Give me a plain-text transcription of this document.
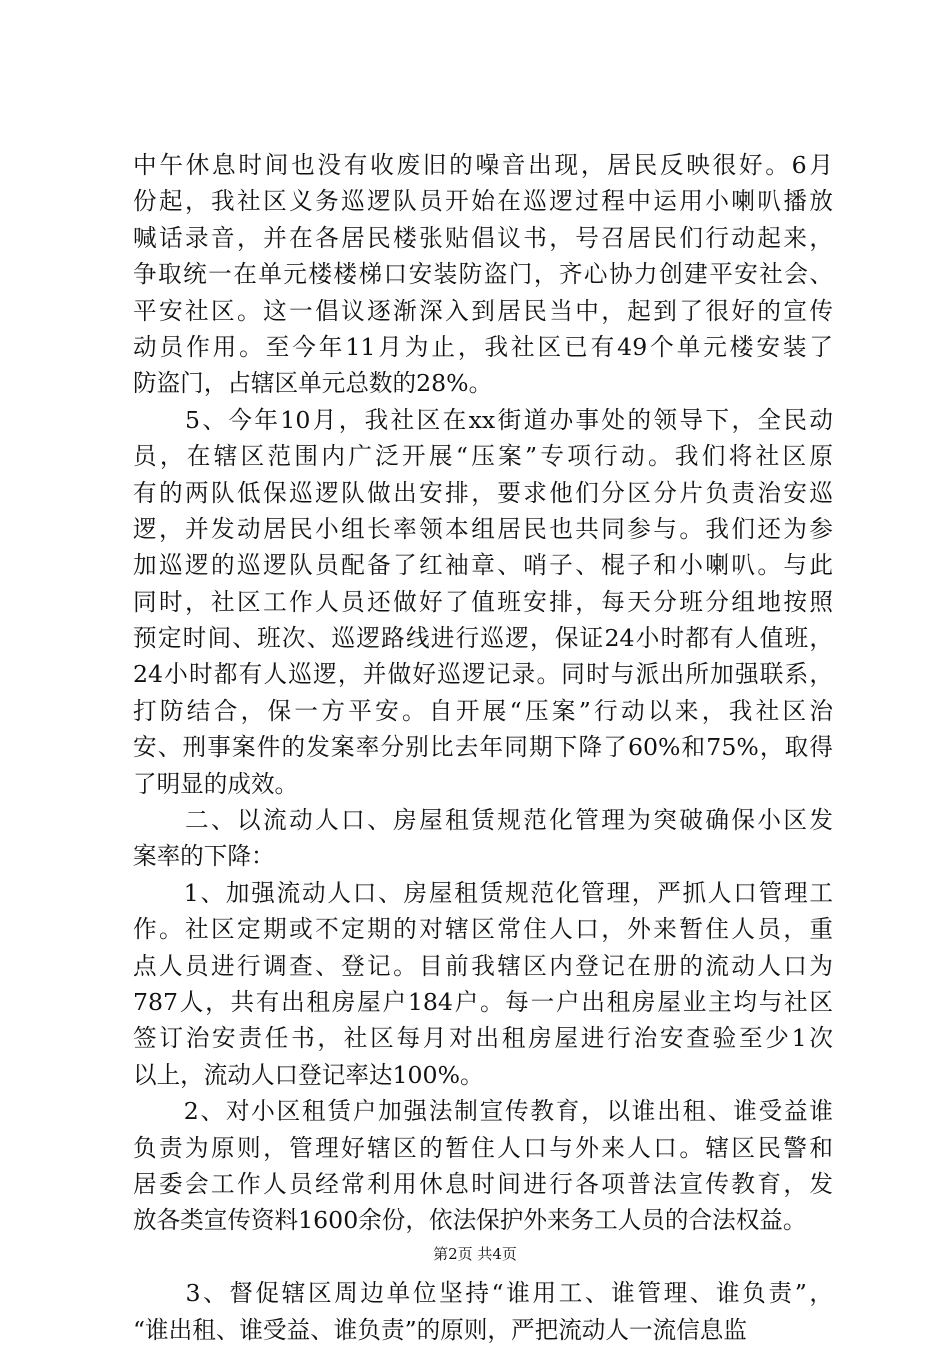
中午休息时间也没有收废旧的噪音出现，居民反映很好。6月
份起，我社区义务巡逻队员开始在巡逻过程中运用小喇叭播放
喊话录音，并在各居民楼张贴倡议书，号召居民们行动起来，
争取统一在单元楼楼梯口安装防盗门，齐心协力创建平安社会、
平安社区。这一倡议逐渐深入到居民当中，起到了很好的宣传
动员作用。至今年11月为止，我社区已有49个单元楼安装了
防盗门，占辖区单元总数的28%。
　　5、今年10月，我社区在xx街道办事处的领导下，全民动
员，在辖区范围内广泛开展“压案”专项行动。我们将社区原
有的两队低保巡逻队做出安排，要求他们分区分片负责治安巡
逻，并发动居民小组长率领本组居民也共同参与。我们还为参
加巡逻的巡逻队员配备了红袖章、哨子、棍子和小喇叭。与此
同时，社区工作人员还做好了值班安排，每天分班分组地按照
预定时间、班次、巡逻路线进行巡逻，保证24小时都有人值班，
24小时都有人巡逻，并做好巡逻记录。同时与派出所加强联系，
打防结合，保一方平安。自开展“压案”行动以来，我社区治
安、刑事案件的发案率分别比去年同期下降了60%和75%，取得
了明显的成效。
　　二、以流动人口、房屋租赁规范化管理为突破确保小区发
案率的下降：
　　1、加强流动人口、房屋租赁规范化管理，严抓人口管理工
作。社区定期或不定期的对辖区常住人口，外来暂住人员，重
点人员进行调查、登记。目前我辖区内登记在册的流动人口为
787人，共有出租房屋户184户。每一户出租房屋业主均与社区
签订治安责任书，社区每月对出租房屋进行治安查验至少1次
以上，流动人口登记率达100%。
　　2、对小区租赁户加强法制宣传教育，以谁出租、谁受益谁
负责为原则，管理好辖区的暂住人口与外来人口。辖区民警和
居委会工作人员经常利用休息时间进行各项普法宣传教育，发
放各类宣传资料1600余份，依法保护外来务工人员的合法权益。
　　3、督促辖区周边单位坚持“谁用工、谁管理、谁负责”，
“谁出租、谁受益、谁负责”的原则，严把流动人一流信息监
第2页 共4页
